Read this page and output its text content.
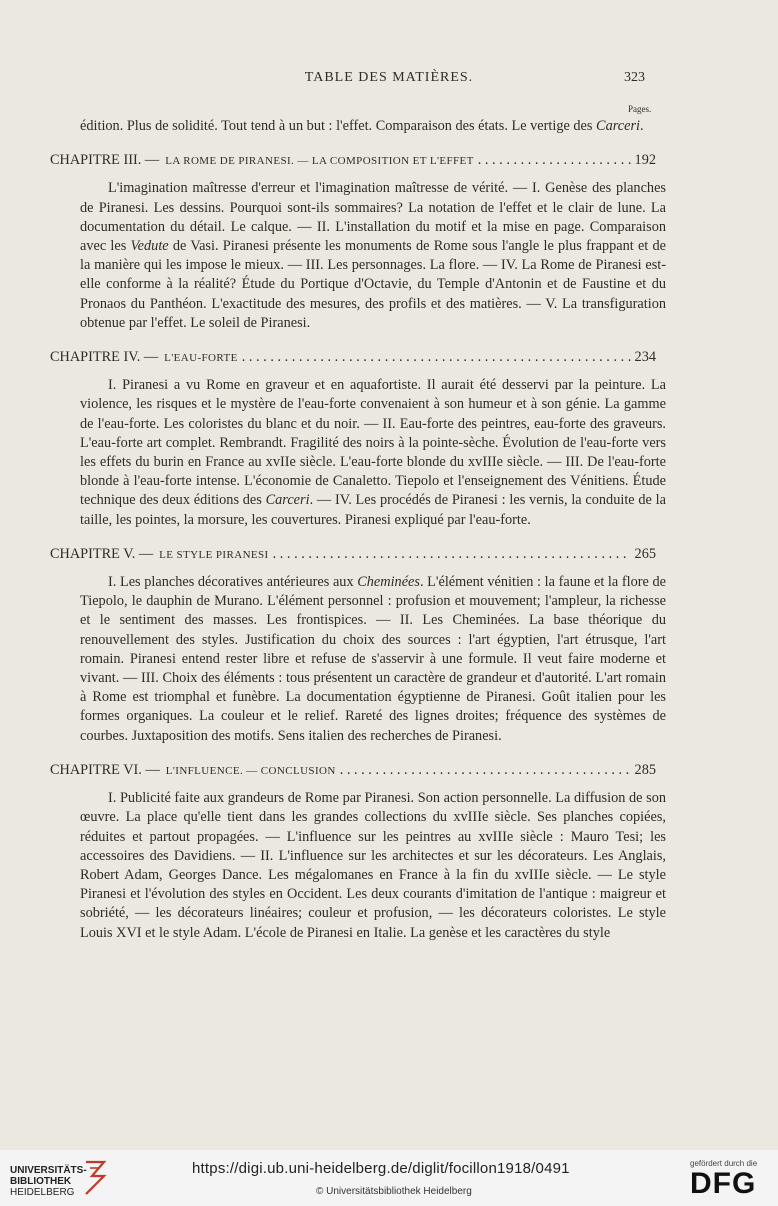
TABLE DES MATIÈRES.	323
Pages.

édition. Plus de solidité. Tout tend à un but : l'effet. Comparaison des états. Le vertige des Carceri.

CHAPITRE III. — LA ROME DE PIRANESI. — LA COMPOSITION ET L'EFFET . . .	192

L'imagination maîtresse d'erreur et l'imagination maîtresse de vérité. — I. Genèse des planches de Piranesi. Les dessins. Pourquoi sont-ils sommaires? La notation de l'effet et le clair de lune. La documentation du détail. Le calque. — II. L'installation du motif et la mise en page. Comparaison avec les Vedute de Vasi. Piranesi présente les monuments de Rome sous l'angle le plus frappant et de la manière qui les impose le mieux. — III. Les personnages. La flore. — IV. La Rome de Piranesi est-elle conforme à la réalité? Étude du Portique d'Octavie, du Temple d'Antonin et de Faustine et du Pronaos du Panthéon. L'exactitude des mesures, des profils et des matières. — V. La transfiguration obtenue par l'effet. Le soleil de Piranesi.

CHAPITRE IV. — L'EAU-FORTE . . .	234

I. Piranesi a vu Rome en graveur et en aquafortiste. Il aurait été desservi par la peinture. La violence, les risques et le mystère de l'eau-forte convenaient à son humeur et à son génie. La gamme de l'eau-forte. Les coloristes du blanc et du noir. — II. Eau-forte des peintres, eau-forte des graveurs. L'eau-forte art complet. Rembrandt. Fragilité des noirs à la pointe-sèche. Évolution de l'eau-forte vers les effets du burin en France au xvIIe siècle. L'eau-forte blonde du xvIIIe siècle. — III. De l'eau-forte blonde à l'eau-forte intense. L'économie de Canaletto. Tiepolo et l'enseignement des Vénitiens. Étude technique des deux éditions des Carceri. — IV. Les procédés de Piranesi : les vernis, la conduite de la taille, les pointes, la morsure, les couvertures. Piranesi expliqué par l'eau-forte.

CHAPITRE V. — LE STYLE PIRANESI . . .	265

I. Les planches décoratives antérieures aux Cheminées. L'élément vénitien : la faune et la flore de Tiepolo, le dauphin de Murano. L'élément personnel : profusion et mouvement; l'ampleur, la richesse et le sentiment des masses. Les frontispices. — II. Les Cheminées. La base théorique du renouvellement des styles. Justification du choix des sources : l'art égyptien, l'art étrusque, l'art romain. Piranesi entend rester libre et refuse de s'asservir à une formule. Il veut faire moderne et vivant. — III. Choix des éléments : tous présentent un caractère de grandeur et d'autorité. L'art romain à Rome est triomphal et funèbre. La documentation égyptienne de Piranesi. Goût italien pour les formes organiques. La couleur et le relief. Rareté des lignes droites; fréquence des systèmes de courbes. Juxtaposition des motifs. Sens italien des recherches de Piranesi.

CHAPITRE VI. — L'INFLUENCE. — CONCLUSION . . .	285

I. Publicité faite aux grandeurs de Rome par Piranesi. Son action personnelle. La diffusion de son œuvre. La place qu'elle tient dans les grandes collections du xvIIIe siècle. Ses planches copiées, réduites et partout propagées. — L'influence sur les peintres au xvIIIe siècle : Mauro Tesi; les accessoires des Davidiens. — II. L'influence sur les architectes et sur les décorateurs. Les Anglais, Robert Adam, Georges Dance. Les mégalomanes en France à la fin du xvIIIe siècle. — Le style Piranesi et l'évolution des styles en Occident. Les deux courants d'imitation de l'antique : maigreur et sobriété, — les décorateurs linéaires; couleur et profusion, — les décorateurs coloristes. Le style Louis XVI et le style Adam. L'école de Piranesi en Italie. La genèse et les caractères du style

UNIVERSITÄTS-
BIBLIOTHEK
HEIDELBERG
https://digi.ub.uni-heidelberg.de/diglit/focillon1918/0491
© Universitätsbibliothek Heidelberg
gefördert durch die
DFG
